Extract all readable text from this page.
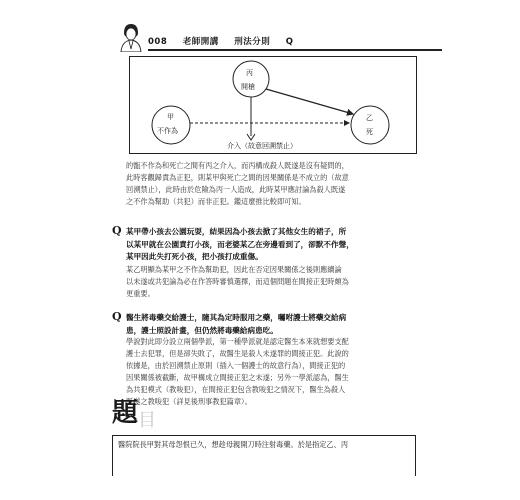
008 老師開講 刑法分則 Q
丙
開槍
甲
不作為
乙
死
介入（故意回溯禁止）
的甑不作為和死亡之間有丙之介入，而丙構成殺人既遂是沒有疑問的，
此時客觀歸責為正犯，則某甲與死亡之間的因果關係是不成立的（故意
回溯禁止），此時由於危險為丙一人造成，此時某甲應討論為殺人既遂
之不作為幫助（共犯）而非正犯。鑑這麼推比較即可知。
Q 某甲帶小孩去公園玩耍，結果因為小孩去掀了其他女生的裙子，所
以某甲就在公園責打小孩，而老婆某乙在旁邊看到了，卻默不作聲，
某甲因此失打死小孩，把小孩打成重傷。
某乙明顯為某甲之不作為幫助犯，因此在否定因果關係之後則應續論
以未遂或共犯論為必在作答時審慎選擇，而這個問題在間接正犯時頗為
更重要。
Q 醫生將毒藥交給護士，隨其為定時服用之藥，囑咐護士將藥交給病
患，護士照設計畫，但仍然將毒藥給病患吃。
學說對此即分設立兩個學派，第一種學派就是認定醫生本來就想要支配
護士去犯罪，但是卻失敗了，故醫生是殺人未遂罪的間接正犯。此說的
依據是，由於回溯禁止原則（插入一個護士的故意行為），間接正犯的
因果關係被截斷，故甲構成立間接正犯之未遂；另外一學派認為，醫生
為共犯模式（教唆犯），在間接正犯包含教唆犯之情況下，醫生為殺人
既遂之教唆犯（詳見後刑事教犯篇章）。
題 目
醫院院長甲對其母怨恨已久，想趁母親開刀時注射毒藥。於是指定乙、丙
